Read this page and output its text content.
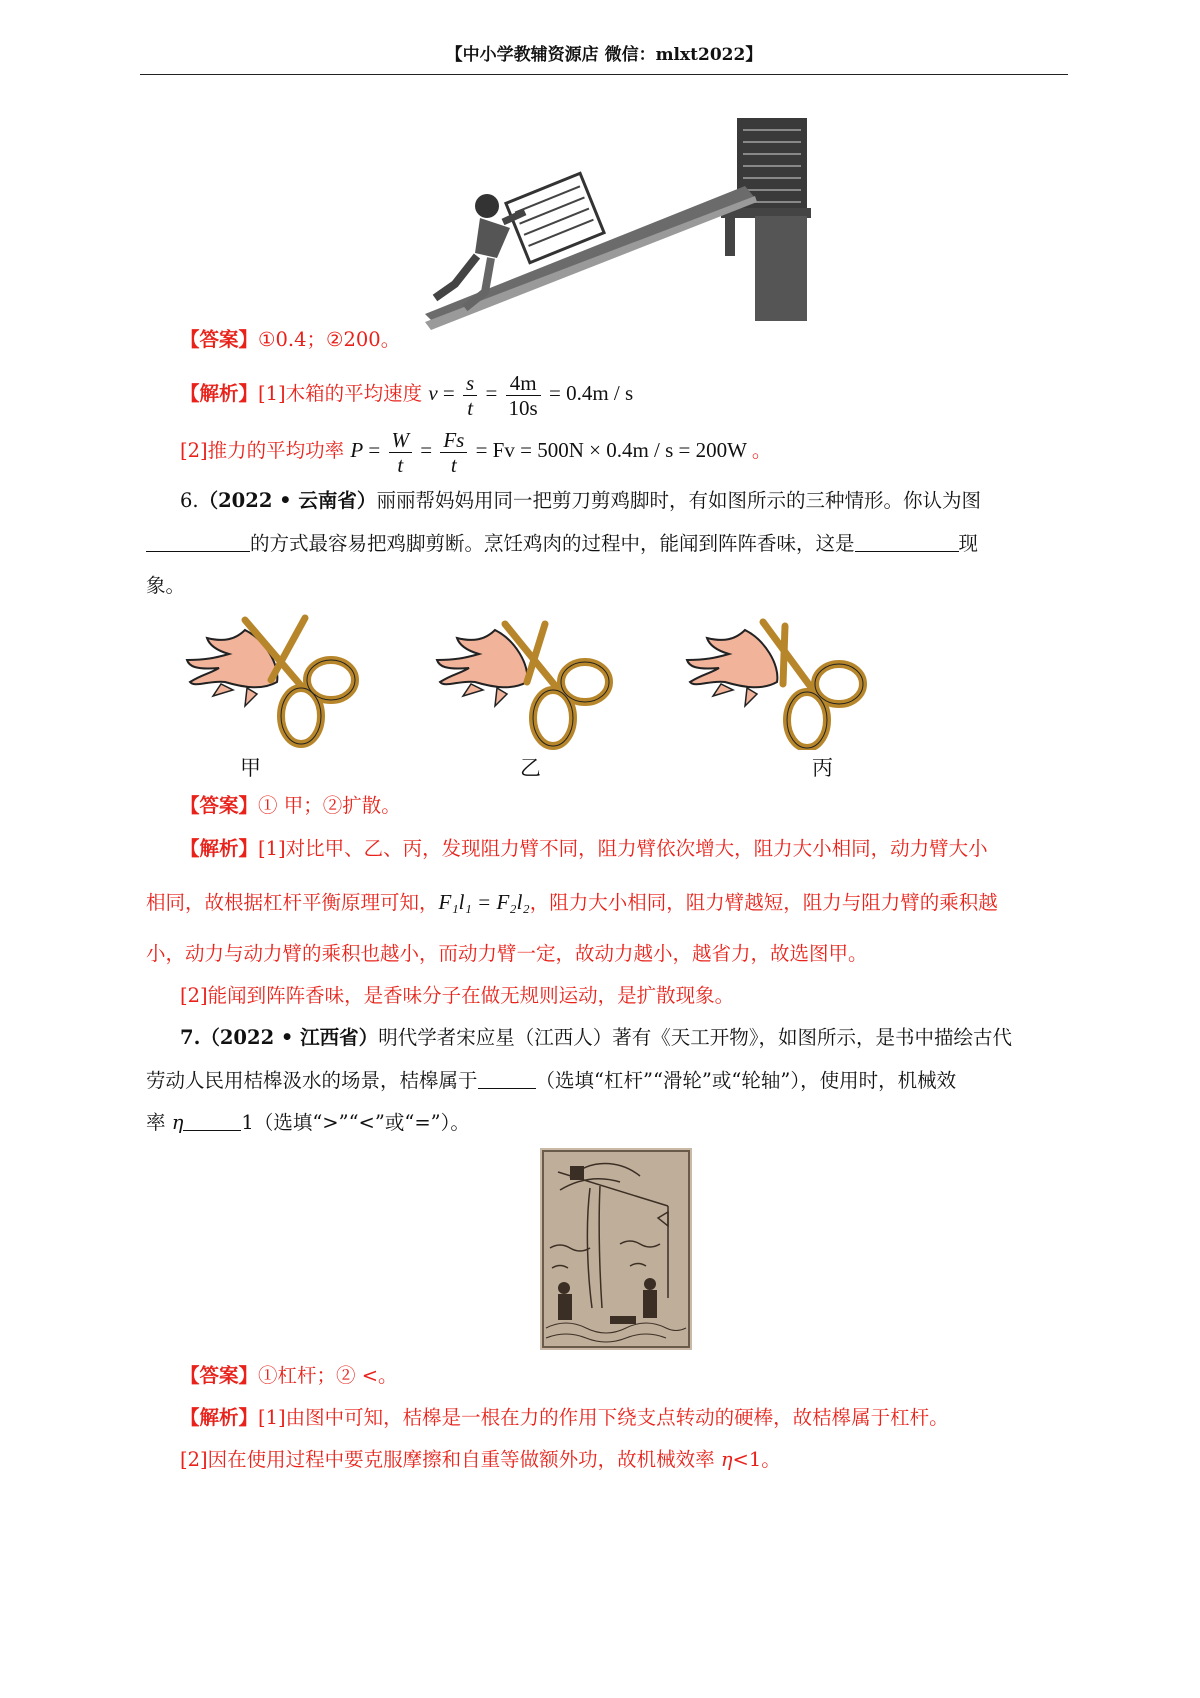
【中小学教辅资源店 微信：mlxt2022】
【答案】①0.4；②200。
【解析】[1]木箱的平均速度 $v = \frac{s}{t} = \frac{4m}{10s} = 0.4m / s$
[2]推力的平均功率 $P = \frac{W}{t} = \frac{Fs}{t} = Fv = 500N \times 0.4m / s = 200W$ 。
6.（2022 • 云南省）丽丽帮妈妈用同一把剪刀剪鸡脚时，有如图所示的三种情形。你认为图
的方式最容易把鸡脚剪断。烹饪鸡肉的过程中，能闻到阵阵香味，这是	现
象。
甲	乙	丙
【答案】① 甲；②扩散。
【解析】[1]对比甲、乙、丙，发现阻力臂不同，阻力臂依次增大，阻力大小相同，动力臂大小
相同，故根据杠杆平衡原理可知，F₁l₁ = F₂l₂，阻力大小相同，阻力臂越短，阻力与阻力臂的乘积越
小，动力与动力臂的乘积也越小，而动力臂一定，故动力越小，越省力，故选图甲。
[2]能闻到阵阵香味，是香味分子在做无规则运动，是扩散现象。
7.（2022 • 江西省）明代学者宋应星（江西人）著有《天工开物》，如图所示，是书中描绘古代
劳动人民用桔槔汲水的场景，桔槔属于	（选填“杠杆”“滑轮”或“轮轴”），使用时，机械效
率 η	1（选填“>”“<”或“=”）。
【答案】①杠杆；② <。
【解析】[1]由图中可知，桔槔是一根在力的作用下绕支点转动的硬棒，故桔槔属于杠杆。
[2]因在使用过程中要克服摩擦和自重等做额外功，故机械效率 η<1。
